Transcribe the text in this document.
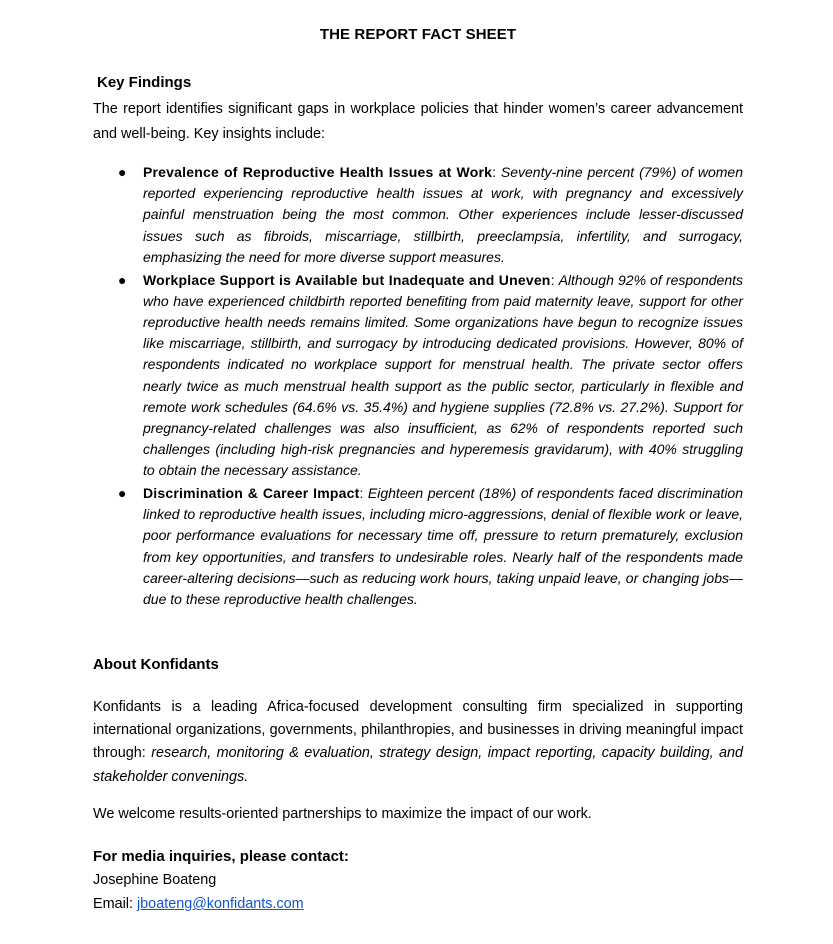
THE REPORT FACT SHEET
Key Findings
The report identifies significant gaps in workplace policies that hinder women’s career advancement and well-being. Key insights include:
● Prevalence of Reproductive Health Issues at Work: Seventy-nine percent (79%) of women reported experiencing reproductive health issues at work, with pregnancy and excessively painful menstruation being the most common. Other experiences include lesser-discussed issues such as fibroids, miscarriage, stillbirth, preeclampsia, infertility, and surrogacy, emphasizing the need for more diverse support measures.
● Workplace Support is Available but Inadequate and Uneven: Although 92% of respondents who have experienced childbirth reported benefiting from paid maternity leave, support for other reproductive health needs remains limited. Some organizations have begun to recognize issues like miscarriage, stillbirth, and surrogacy by introducing dedicated provisions. However, 80% of respondents indicated no workplace support for menstrual health. The private sector offers nearly twice as much menstrual health support as the public sector, particularly in flexible and remote work schedules (64.6% vs. 35.4%) and hygiene supplies (72.8% vs. 27.2%). Support for pregnancy-related challenges was also insufficient, as 62% of respondents reported such challenges (including high-risk pregnancies and hyperemesis gravidarum), with 40% struggling to obtain the necessary assistance.
● Discrimination & Career Impact: Eighteen percent (18%) of respondents faced discrimination linked to reproductive health issues, including micro-aggressions, denial of flexible work or leave, poor performance evaluations for necessary time off, pressure to return prematurely, exclusion from key opportunities, and transfers to undesirable roles. Nearly half of the respondents made career-altering decisions—such as reducing work hours, taking unpaid leave, or changing jobs—due to these reproductive health challenges.
About Konfidants
Konfidants is a leading Africa-focused development consulting firm specialized in supporting international organizations, governments, philanthropies, and businesses in driving meaningful impact through: research, monitoring & evaluation, strategy design, impact reporting, capacity building, and stakeholder convenings.
We welcome results-oriented partnerships to maximize the impact of our work.
For media inquiries, please contact:
Josephine Boateng
Email: jboateng@konfidants.com
